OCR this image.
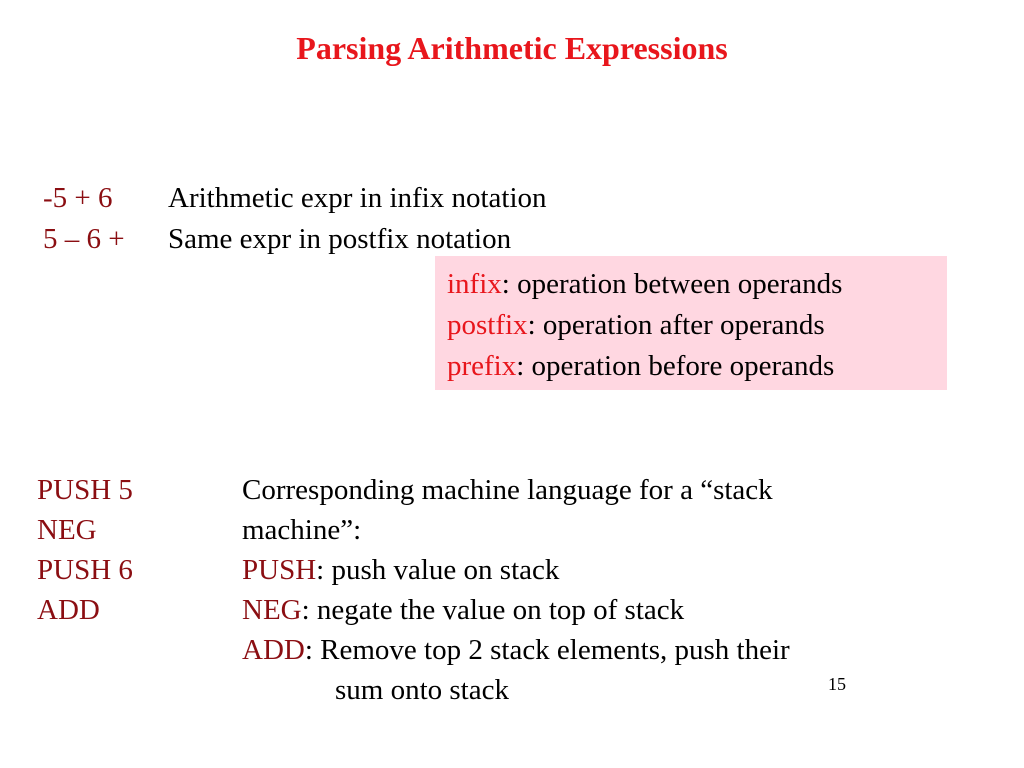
Parsing Arithmetic Expressions
-5 + 6 Arithmetic expr in infix notation
5 – 6 + Same expr in postfix notation
infix: operation between operands
postfix: operation after operands
prefix: operation before operands
PUSH 5
NEG
PUSH 6
ADD
Corresponding machine language for a “stack
machine”:
PUSH: push value on stack
NEG: negate the value on top of stack
ADD: Remove top 2 stack elements, push their
sum onto stack	15
